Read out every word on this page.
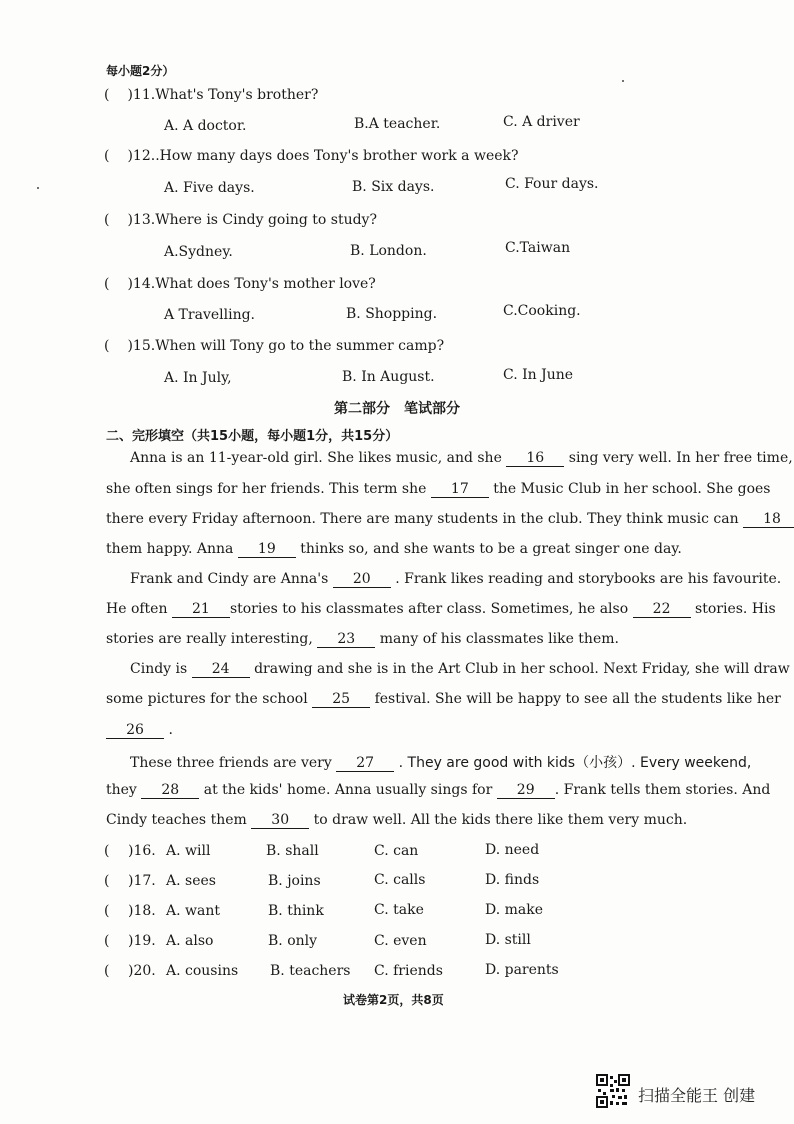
每小题2分）
( )11.What's Tony's brother?
A. A doctor.	B.A teacher.	C. A driver
( )12..How many days does Tony's brother work a week?
A. Five days.	B. Six days.	C. Four days.
( )13.Where is Cindy going to study?
A.Sydney.	B. London.	C.Taiwan
( )14.What does Tony's mother love?
A Travelling.	B. Shopping.	C.Cooking.
( )15.When will Tony go to the summer camp?
A. In July,	B. In August.	C. In June
第二部分　笔试部分
二、完形填空（共15小题，每小题1分，共15分）
Anna is an 11-year-old girl. She likes music, and she 16 sing very well. In her free time,
she often sings for her friends. This term she 17 the Music Club in her school. She goes
there every Friday afternoon. There are many students in the club. They think music can 18
them happy. Anna 19 thinks so, and she wants to be a great singer one day.
Frank and Cindy are Anna's 20 . Frank likes reading and storybooks are his favourite.
He often 21 stories to his classmates after class. Sometimes, he also 22 stories. His
stories are really interesting, 23 many of his classmates like them.
Cindy is 24 drawing and she is in the Art Club in her school. Next Friday, she will draw
some pictures for the school 25 festival. She will be happy to see all the students like her
26 .
These three friends are very 27 . They are good with kids（小孩）. Every weekend,
they 28 at the kids' home. Anna usually sings for 29 . Frank tells them stories. And
Cindy teaches them 30 to draw well. All the kids there like them very much.
( )16. A. will	B. shall	C. can	D. need
( )17. A. sees	B. joins	C. calls	D. finds
( )18. A. want	B. think	C. take	D. make
( )19. A. also	B. only	C. even	D. still
( )20. A. cousins B. teachers C. friends	D. parents
试卷第2页，共8页
扫描全能王 创建
